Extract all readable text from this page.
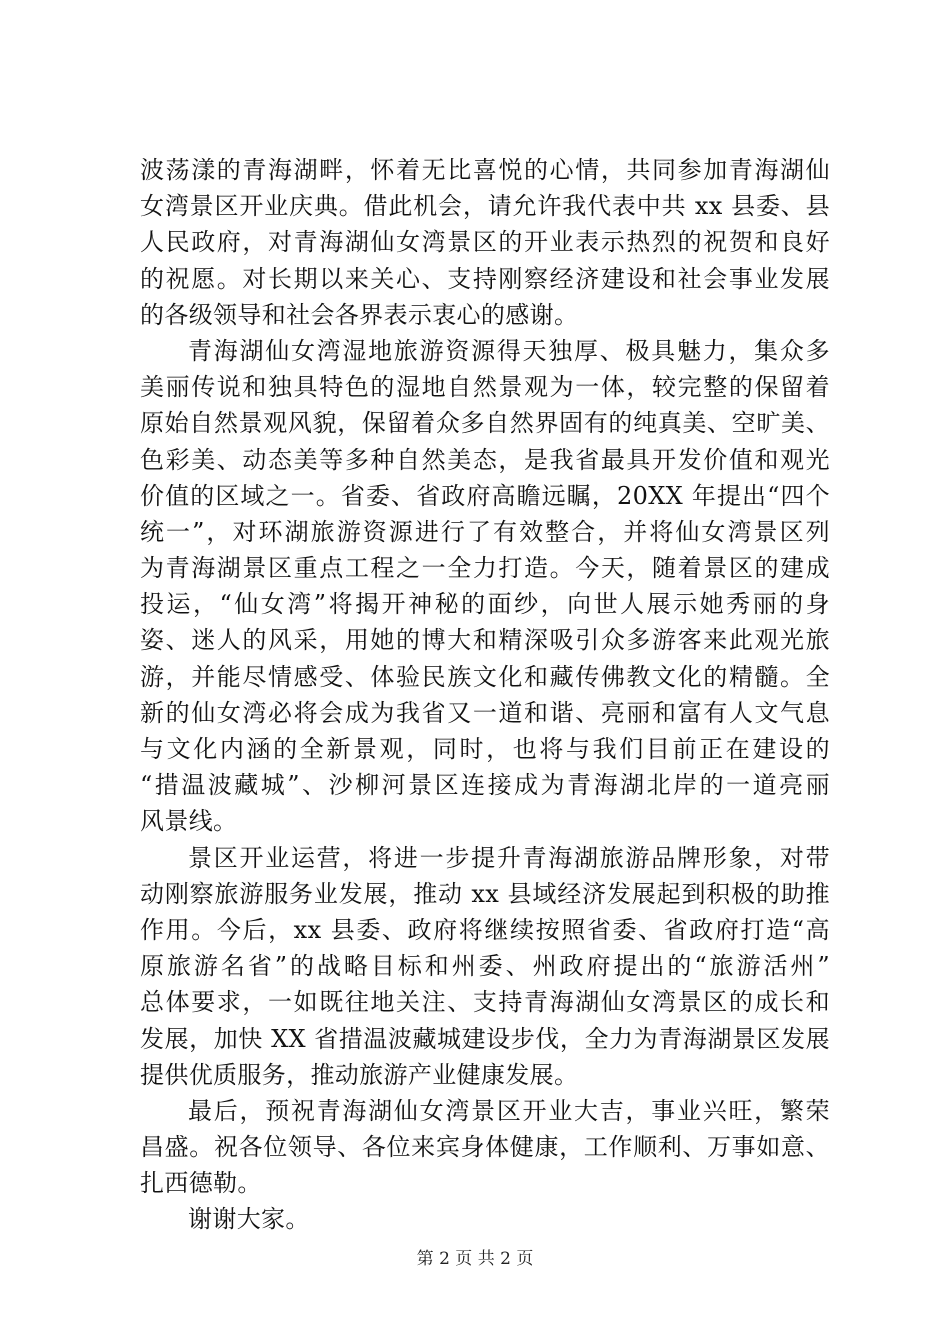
波荡漾的青海湖畔，怀着无比喜悦的心情，共同参加青海湖仙
女湾景区开业庆典。借此机会，请允许我代表中共 xx 县委、县
人民政府，对青海湖仙女湾景区的开业表示热烈的祝贺和良好
的祝愿。对长期以来关心、支持刚察经济建设和社会事业发展
的各级领导和社会各界表示衷心的感谢。
青海湖仙女湾湿地旅游资源得天独厚、极具魅力，集众多
美丽传说和独具特色的湿地自然景观为一体，较完整的保留着
原始自然景观风貌，保留着众多自然界固有的纯真美、空旷美、
色彩美、动态美等多种自然美态，是我省最具开发价值和观光
价值的区域之一。省委、省政府高瞻远瞩，20XX 年提出“四个
统一”，对环湖旅游资源进行了有效整合，并将仙女湾景区列
为青海湖景区重点工程之一全力打造。今天，随着景区的建成
投运，“仙女湾”将揭开神秘的面纱，向世人展示她秀丽的身
姿、迷人的风采，用她的博大和精深吸引众多游客来此观光旅
游，并能尽情感受、体验民族文化和藏传佛教文化的精髓。全
新的仙女湾必将会成为我省又一道和谐、亮丽和富有人文气息
与文化内涵的全新景观，同时，也将与我们目前正在建设的
“措温波藏城”、沙柳河景区连接成为青海湖北岸的一道亮丽
风景线。
景区开业运营，将进一步提升青海湖旅游品牌形象，对带
动刚察旅游服务业发展，推动 xx 县域经济发展起到积极的助推
作用。今后，xx 县委、政府将继续按照省委、省政府打造“高
原旅游名省”的战略目标和州委、州政府提出的“旅游活州”
总体要求，一如既往地关注、支持青海湖仙女湾景区的成长和
发展，加快 XX 省措温波藏城建设步伐，全力为青海湖景区发展
提供优质服务，推动旅游产业健康发展。
最后，预祝青海湖仙女湾景区开业大吉，事业兴旺，繁荣
昌盛。祝各位领导、各位来宾身体健康，工作顺利、万事如意、
扎西德勒。
谢谢大家。
第 2 页 共 2 页
